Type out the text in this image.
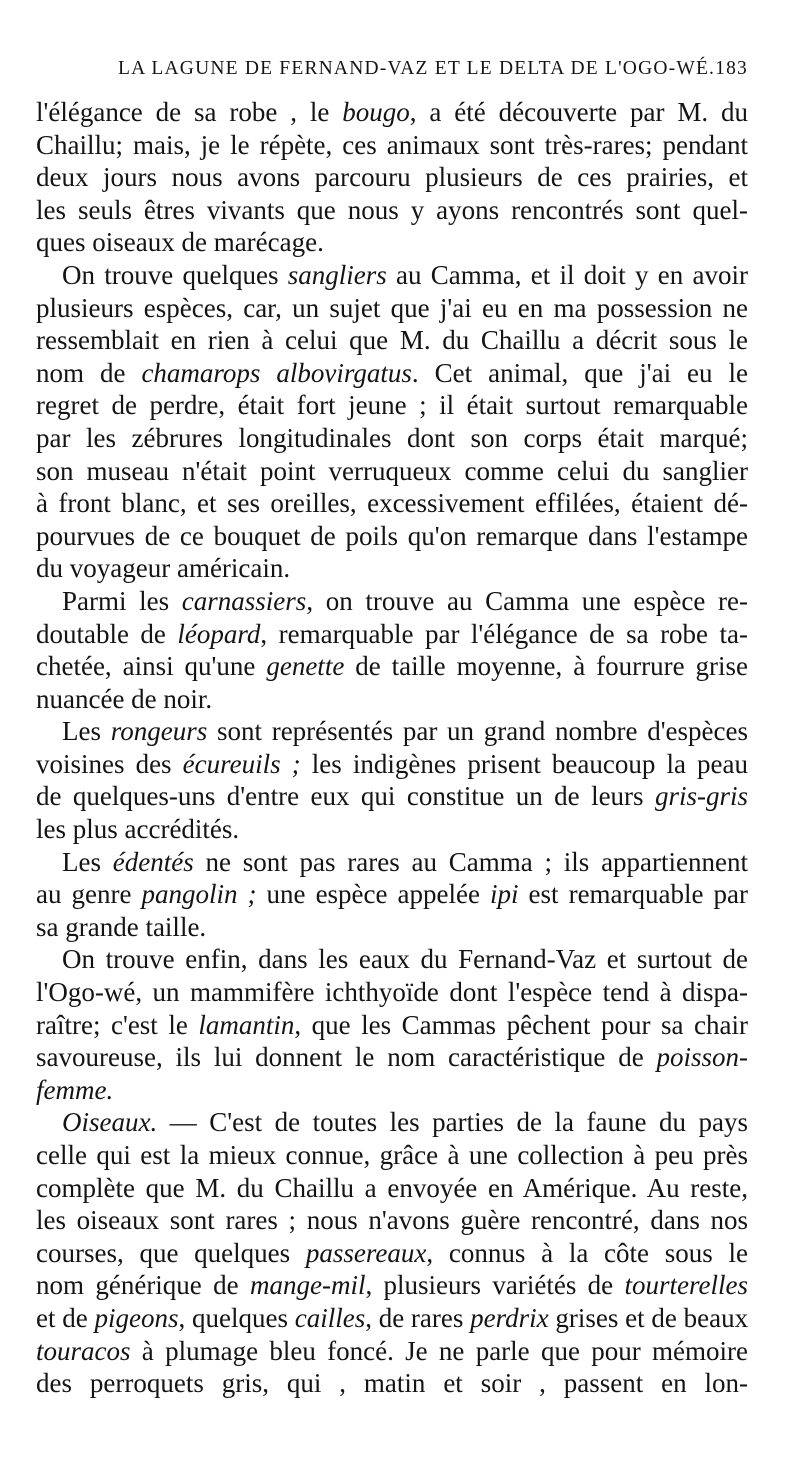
LA LAGUNE DE FERNAND-VAZ ET LE DELTA DE L'OGO-WÉ. 183
l'élégance de sa robe , le bougo, a été découverte par M. du
Chaillu; mais, je le répète, ces animaux sont très-rares; pendant
deux jours nous avons parcouru plusieurs de ces prairies, et
les seuls êtres vivants que nous y ayons rencontrés sont quel-
ques oiseaux de marécage.
On trouve quelques sangliers au Camma, et il doit y en avoir
plusieurs espèces, car, un sujet que j'ai eu en ma possession ne
ressemblait en rien à celui que M. du Chaillu a décrit sous le
nom de chamarops albovirgatus. Cet animal, que j'ai eu le
regret de perdre, était fort jeune ; il était surtout remarquable
par les zébrures longitudinales dont son corps était marqué;
son museau n'était point verruqueux comme celui du sanglier
à front blanc, et ses oreilles, excessivement effilées, étaient dé-
pourvues de ce bouquet de poils qu'on remarque dans l'estampe
du voyageur américain.
Parmi les carnassiers, on trouve au Camma une espèce re-
doutable de léopard, remarquable par l'élégance de sa robe ta-
chetée, ainsi qu'une genette de taille moyenne, à fourrure grise
nuancée de noir.
Les rongeurs sont représentés par un grand nombre d'espèces
voisines des écureuils ; les indigènes prisent beaucoup la peau
de quelques-uns d'entre eux qui constitue un de leurs gris-gris
les plus accrédités.
Les édentés ne sont pas rares au Camma ; ils appartiennent
au genre pangolin ; une espèce appelée ipi est remarquable par
sa grande taille.
On trouve enfin, dans les eaux du Fernand-Vaz et surtout de
l'Ogo-wé, un mammifère ichthyoïde dont l'espèce tend à dispa-
raître; c'est le lamantin, que les Cammas pêchent pour sa chair
savoureuse, ils lui donnent le nom caractéristique de poisson-
femme.
Oiseaux. — C'est de toutes les parties de la faune du pays
celle qui est la mieux connue, grâce à une collection à peu près
complète que M. du Chaillu a envoyée en Amérique. Au reste,
les oiseaux sont rares ; nous n'avons guère rencontré, dans nos
courses, que quelques passereaux, connus à la côte sous le
nom générique de mange-mil, plusieurs variétés de tourterelles
et de pigeons, quelques cailles, de rares perdrix grises et de beaux
touracos à plumage bleu foncé. Je ne parle que pour mémoire
des perroquets gris, qui , matin et soir , passent en lon-
